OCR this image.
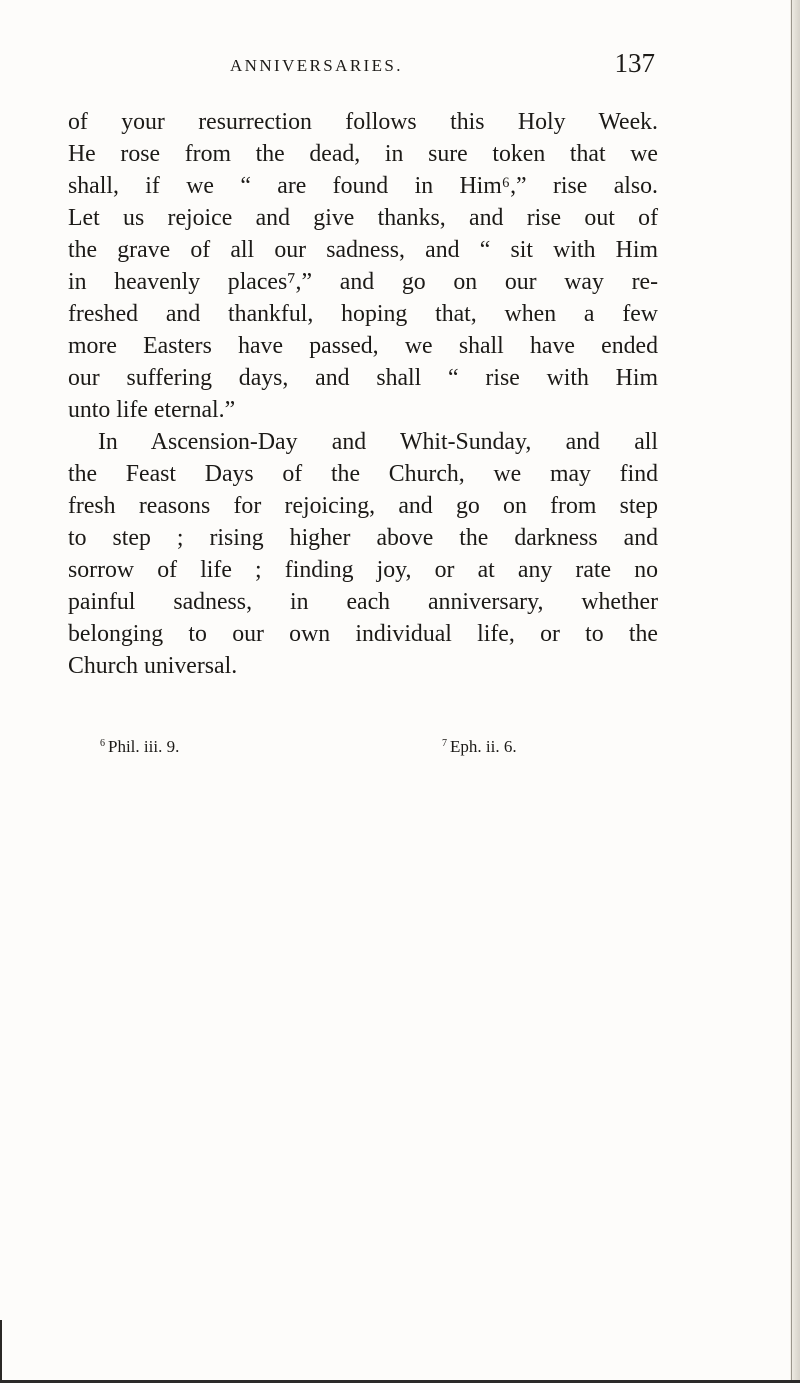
ANNIVERSARIES.	137
of your resurrection follows this Holy Week.
He rose from the dead, in sure token that we
shall, if we “ are found in Him⁶,” rise also.
Let us rejoice and give thanks, and rise out of
the grave of all our sadness, and “ sit with Him
in heavenly places⁷,” and go on our way re-
freshed and thankful, hoping that, when a few
more Easters have passed, we shall have ended
our suffering days, and shall “ rise with Him
unto life eternal.”
In Ascension-Day and Whit-Sunday, and all
the Feast Days of the Church, we may find
fresh reasons for rejoicing, and go on from step
to step ; rising higher above the darkness and
sorrow of life ; finding joy, or at any rate no
painful sadness, in each anniversary, whether
belonging to our own individual life, or to the
Church universal.
$^6$ Phil. iii. 9.	$^7$ Eph. ii. 6.
